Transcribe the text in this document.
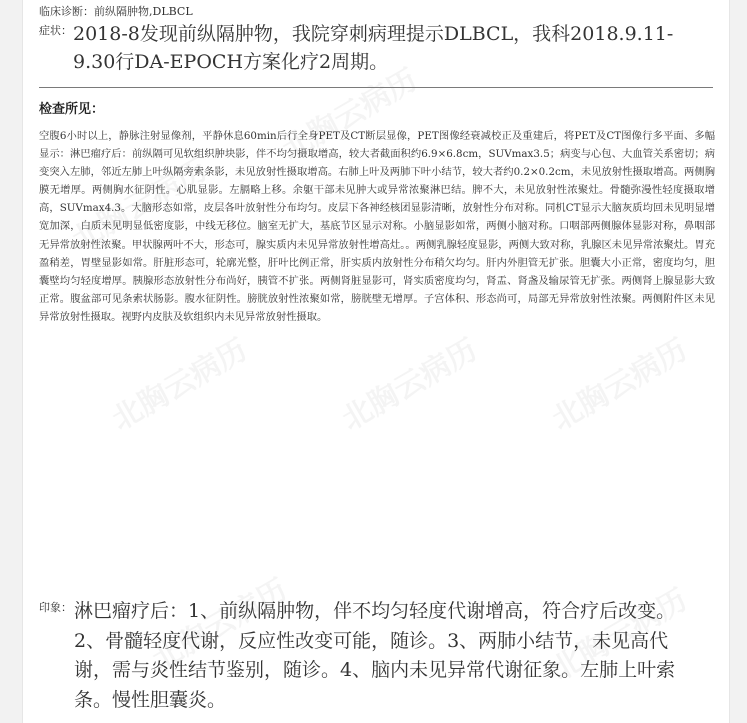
临床诊断：前纵隔肿物,DLBCL
症状： 2018-8发现前纵隔肿物，我院穿刺病理提示DLBCL，我科2018.9.11-9.30行DA-EPOCH方案化疗2周期。
检查所见：
空腹6小时以上，静脉注射显像剂，平静休息60min后行全身PET及CT断层显像，PET图像经衰减校正及重建后，将PET及CT图像行多平面、多幅显示：淋巴瘤疗后：前纵隔可见软组织肿块影，伴不均匀摄取增高，较大者截面积约6.9×6.8cm，SUVmax3.5；病变与心包、大血管关系密切；病变突入左肺，邻近左肺上叶纵隔旁索条影，未见放射性摄取增高。右肺上叶及两肺下叶小结节，较大者约0.2×0.2cm，未见放射性摄取增高。两侧胸膜无增厚。两侧胸水征阴性。心肌显影。左膈略上移。余躯干部未见肿大或异常浓聚淋巴结。脾不大，未见放射性浓聚灶。骨髓弥漫性轻度摄取增高，SUVmax4.3。大脑形态如常，皮层各叶放射性分布均匀。皮层下各神经核团显影清晰，放射性分布对称。同机CT显示大脑灰质均回未见明显增宽加深，白质未见明显低密度影，中线无移位。脑室无扩大，基底节区显示对称。小脑显影如常，两侧小脑对称。口咽部两侧腺体显影对称，鼻咽部无异常放射性浓聚。甲状腺两叶不大，形态可，腺实质内未见异常放射性增高灶。。两侧乳腺轻度显影，两侧大致对称，乳腺区未见异常浓聚灶。胃充盈稍差，胃壁显影如常。肝脏形态可，轮廓光整，肝叶比例正常，肝实质内放射性分布稍欠均匀。肝内外胆管无扩张。胆囊大小正常，密度均匀，胆囊壁均匀轻度增厚。胰腺形态放射性分布尚好，胰管不扩张。两侧肾脏显影可，肾实质密度均匀，肾盂、肾盏及输尿管无扩张。两侧肾上腺显影大致正常。腹盆部可见条索状肠影。腹水征阴性。膀胱放射性浓聚如常，膀胱壁无增厚。子宫体积、形态尚可，局部无异常放射性浓聚。两侧附件区未见异常放射性摄取。视野内皮肤及软组织内未见异常放射性摄取。
印象： 淋巴瘤疗后：1、前纵隔肿物，伴不均匀轻度代谢增高，符合疗后改变。2、骨髓轻度代谢，反应性改变可能，随诊。3、两肺小结节，未见高代谢，需与炎性结节鉴别，随诊。4、脑内未见异常代谢征象。左肺上叶索条。慢性胆囊炎。
